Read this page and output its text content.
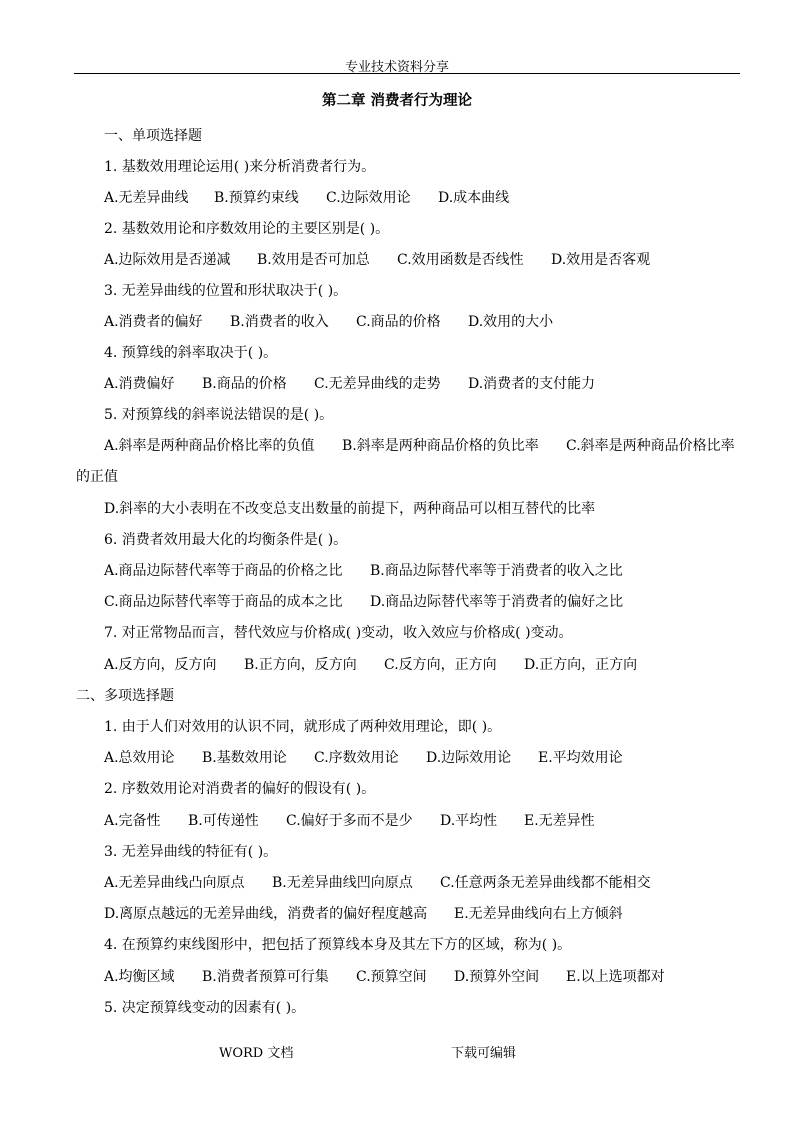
专业技术资料分享
第二章 消费者行为理论
一、单项选择题
1. 基数效用理论运用( )来分析消费者行为。
A.无差异曲线 B.预算约束线 C.边际效用论 D.成本曲线
2. 基数效用论和序数效用论的主要区别是( )。
A.边际效用是否递减 B.效用是否可加总 C.效用函数是否线性 D.效用是否客观
3. 无差异曲线的位置和形状取决于( )。
A.消费者的偏好 B.消费者的收入 C.商品的价格 D.效用的大小
4. 预算线的斜率取决于( )。
A.消费偏好 B.商品的价格 C.无差异曲线的走势 D.消费者的支付能力
5. 对预算线的斜率说法错误的是( )。
A.斜率是两种商品价格比率的负值 B.斜率是两种商品价格的负比率 C.斜率是两种商品价格比率
的正值
D.斜率的大小表明在不改变总支出数量的前提下，两种商品可以相互替代的比率
6. 消费者效用最大化的均衡条件是( )。
A.商品边际替代率等于商品的价格之比 B.商品边际替代率等于消费者的收入之比
C.商品边际替代率等于商品的成本之比 D.商品边际替代率等于消费者的偏好之比
7. 对正常物品而言，替代效应与价格成( )变动，收入效应与价格成( )变动。
A.反方向，反方向 B.正方向，反方向 C.反方向，正方向 D.正方向，正方向
二、多项选择题
1. 由于人们对效用的认识不同，就形成了两种效用理论，即( )。
A.总效用论 B.基数效用论 C.序数效用论 D.边际效用论 E.平均效用论
2. 序数效用论对消费者的偏好的假设有( )。
A.完备性 B.可传递性 C.偏好于多而不是少 D.平均性 E.无差异性
3. 无差异曲线的特征有( )。
A.无差异曲线凸向原点 B.无差异曲线凹向原点 C.任意两条无差异曲线都不能相交
D.离原点越远的无差异曲线，消费者的偏好程度越高 E.无差异曲线向右上方倾斜
4. 在预算约束线图形中，把包括了预算线本身及其左下方的区域，称为( )。
A.均衡区域 B.消费者预算可行集 C.预算空间 D.预算外空间 E.以上选项都对
5. 决定预算线变动的因素有( )。
WORD 文档	下载可编辑
